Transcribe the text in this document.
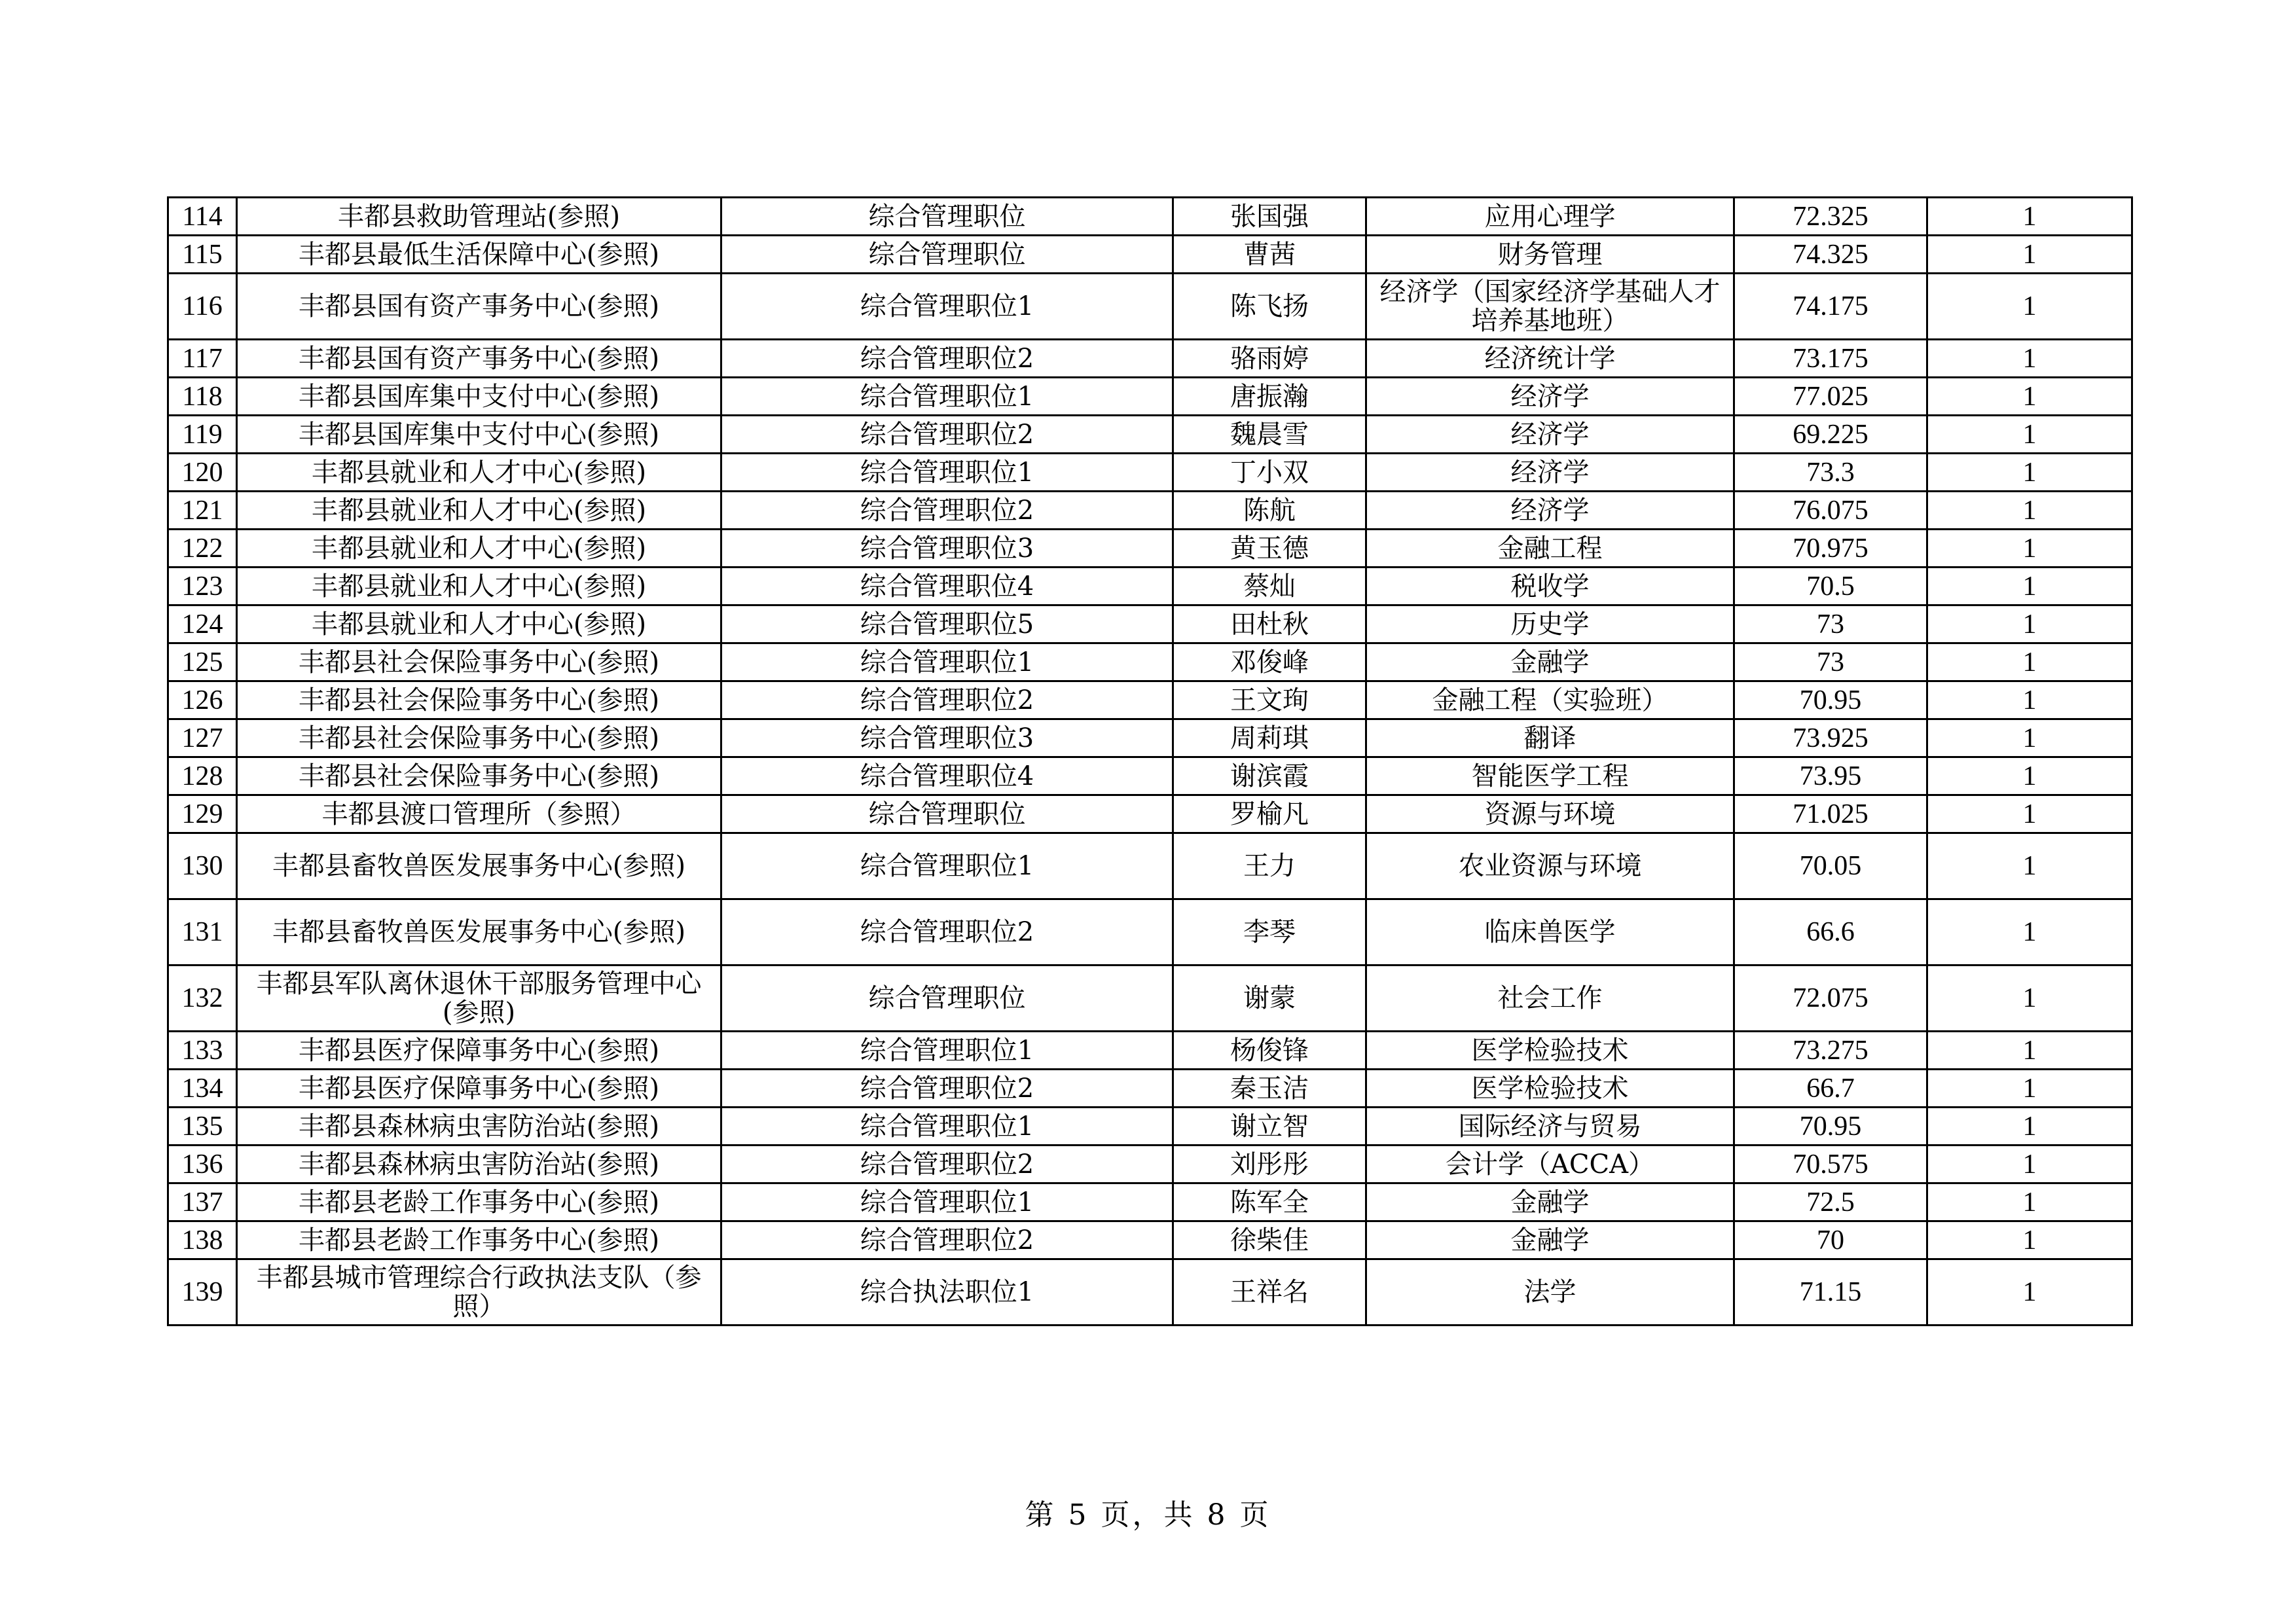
114	丰都县救助管理站(参照)	综合管理职位	张国强	应用心理学	72.325	1
115	丰都县最低生活保障中心(参照)	综合管理职位	曹茜	财务管理	74.325	1
116	丰都县国有资产事务中心(参照)	综合管理职位1	陈飞扬	经济学（国家经济学基础人才培养基地班）	74.175	1
117	丰都县国有资产事务中心(参照)	综合管理职位2	骆雨婷	经济统计学	73.175	1
118	丰都县国库集中支付中心(参照)	综合管理职位1	唐振瀚	经济学	77.025	1
119	丰都县国库集中支付中心(参照)	综合管理职位2	魏晨雪	经济学	69.225	1
120	丰都县就业和人才中心(参照)	综合管理职位1	丁小双	经济学	73.3	1
121	丰都县就业和人才中心(参照)	综合管理职位2	陈航	经济学	76.075	1
122	丰都县就业和人才中心(参照)	综合管理职位3	黄玉德	金融工程	70.975	1
123	丰都县就业和人才中心(参照)	综合管理职位4	蔡灿	税收学	70.5	1
124	丰都县就业和人才中心(参照)	综合管理职位5	田杜秋	历史学	73	1
125	丰都县社会保险事务中心(参照)	综合管理职位1	邓俊峰	金融学	73	1
126	丰都县社会保险事务中心(参照)	综合管理职位2	王文珣	金融工程（实验班）	70.95	1
127	丰都县社会保险事务中心(参照)	综合管理职位3	周莉琪	翻译	73.925	1
128	丰都县社会保险事务中心(参照)	综合管理职位4	谢滨霞	智能医学工程	73.95	1
129	丰都县渡口管理所（参照）	综合管理职位	罗榆凡	资源与环境	71.025	1
130	丰都县畜牧兽医发展事务中心(参照)	综合管理职位1	王力	农业资源与环境	70.05	1
131	丰都县畜牧兽医发展事务中心(参照)	综合管理职位2	李琴	临床兽医学	66.6	1
132	丰都县军队离休退休干部服务管理中心(参照)	综合管理职位	谢蒙	社会工作	72.075	1
133	丰都县医疗保障事务中心(参照)	综合管理职位1	杨俊锋	医学检验技术	73.275	1
134	丰都县医疗保障事务中心(参照)	综合管理职位2	秦玉洁	医学检验技术	66.7	1
135	丰都县森林病虫害防治站(参照)	综合管理职位1	谢立智	国际经济与贸易	70.95	1
136	丰都县森林病虫害防治站(参照)	综合管理职位2	刘彤彤	会计学（ACCA）	70.575	1
137	丰都县老龄工作事务中心(参照)	综合管理职位1	陈军全	金融学	72.5	1
138	丰都县老龄工作事务中心(参照)	综合管理职位2	徐柴佳	金融学	70	1
139	丰都县城市管理综合行政执法支队（参照）	综合执法职位1	王祥名	法学	71.15	1
第 5 页，共 8 页
